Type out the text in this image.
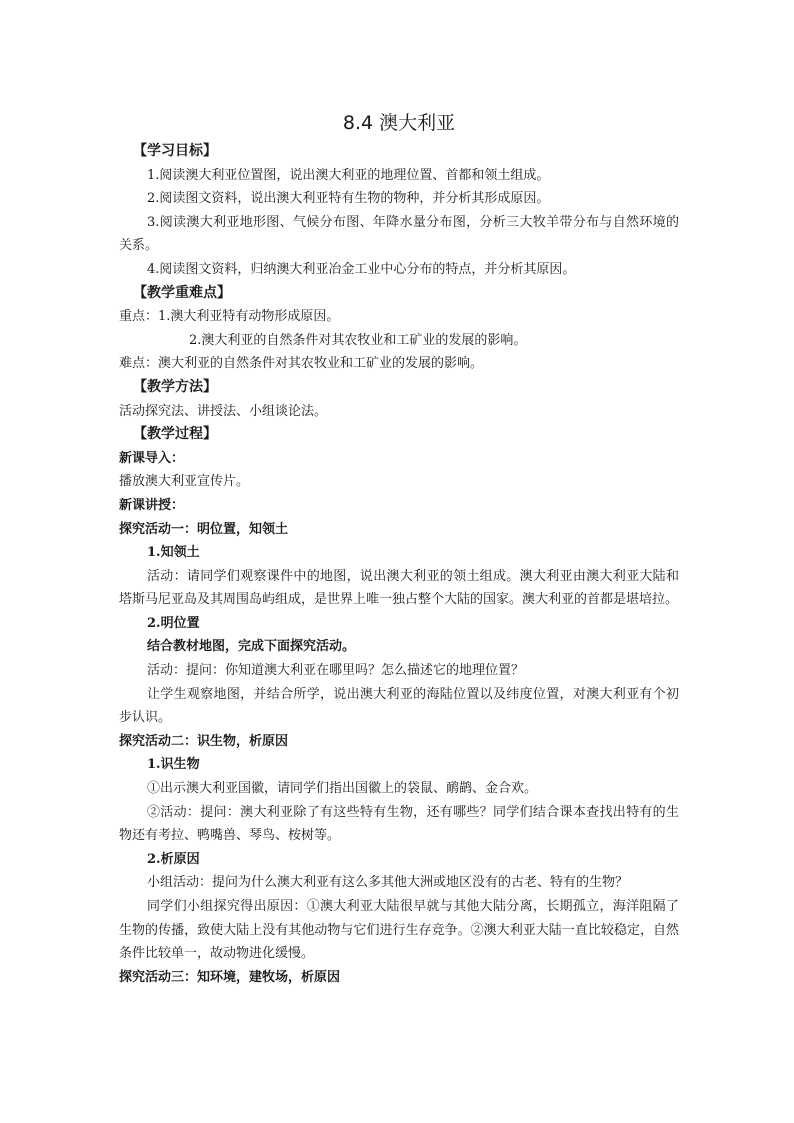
8.4 澳大利亚
【学习目标】
1.阅读澳大利亚位置图，说出澳大利亚的地理位置、首都和领土组成。
2.阅读图文资料，说出澳大利亚特有生物的物种，并分析其形成原因。
3.阅读澳大利亚地形图、气候分布图、年降水量分布图，分析三大牧羊带分布与自然环境的关系。
4.阅读图文资料，归纳澳大利亚冶金工业中心分布的特点，并分析其原因。
【教学重难点】
重点：1.澳大利亚特有动物形成原因。
2.澳大利亚的自然条件对其农牧业和工矿业的发展的影响。
难点：澳大利亚的自然条件对其农牧业和工矿业的发展的影响。
【教学方法】
活动探究法、讲授法、小组谈论法。
【教学过程】
新课导入：
播放澳大利亚宣传片。
新课讲授：
探究活动一：明位置，知领土
1.知领土
活动：请同学们观察课件中的地图，说出澳大利亚的领土组成。澳大利亚由澳大利亚大陆和塔斯马尼亚岛及其周围岛屿组成，是世界上唯一独占整个大陆的国家。澳大利亚的首都是堪培拉。
2.明位置
结合教材地图，完成下面探究活动。
活动：提问：你知道澳大利亚在哪里吗？怎么描述它的地理位置？
让学生观察地图，并结合所学，说出澳大利亚的海陆位置以及纬度位置，对澳大利亚有个初步认识。
探究活动二：识生物，析原因
1.识生物
①出示澳大利亚国徽，请同学们指出国徽上的袋鼠、鸸鹋、金合欢。
②活动：提问：澳大利亚除了有这些特有生物，还有哪些？同学们结合课本查找出特有的生物还有考拉、鸭嘴兽、琴鸟、桉树等。
2.析原因
小组活动：提问为什么澳大利亚有这么多其他大洲或地区没有的古老、特有的生物？
同学们小组探究得出原因：①澳大利亚大陆很早就与其他大陆分离，长期孤立，海洋阻隔了生物的传播，致使大陆上没有其他动物与它们进行生存竞争。②澳大利亚大陆一直比较稳定，自然条件比较单一，故动物进化缓慢。
探究活动三：知环境，建牧场，析原因
